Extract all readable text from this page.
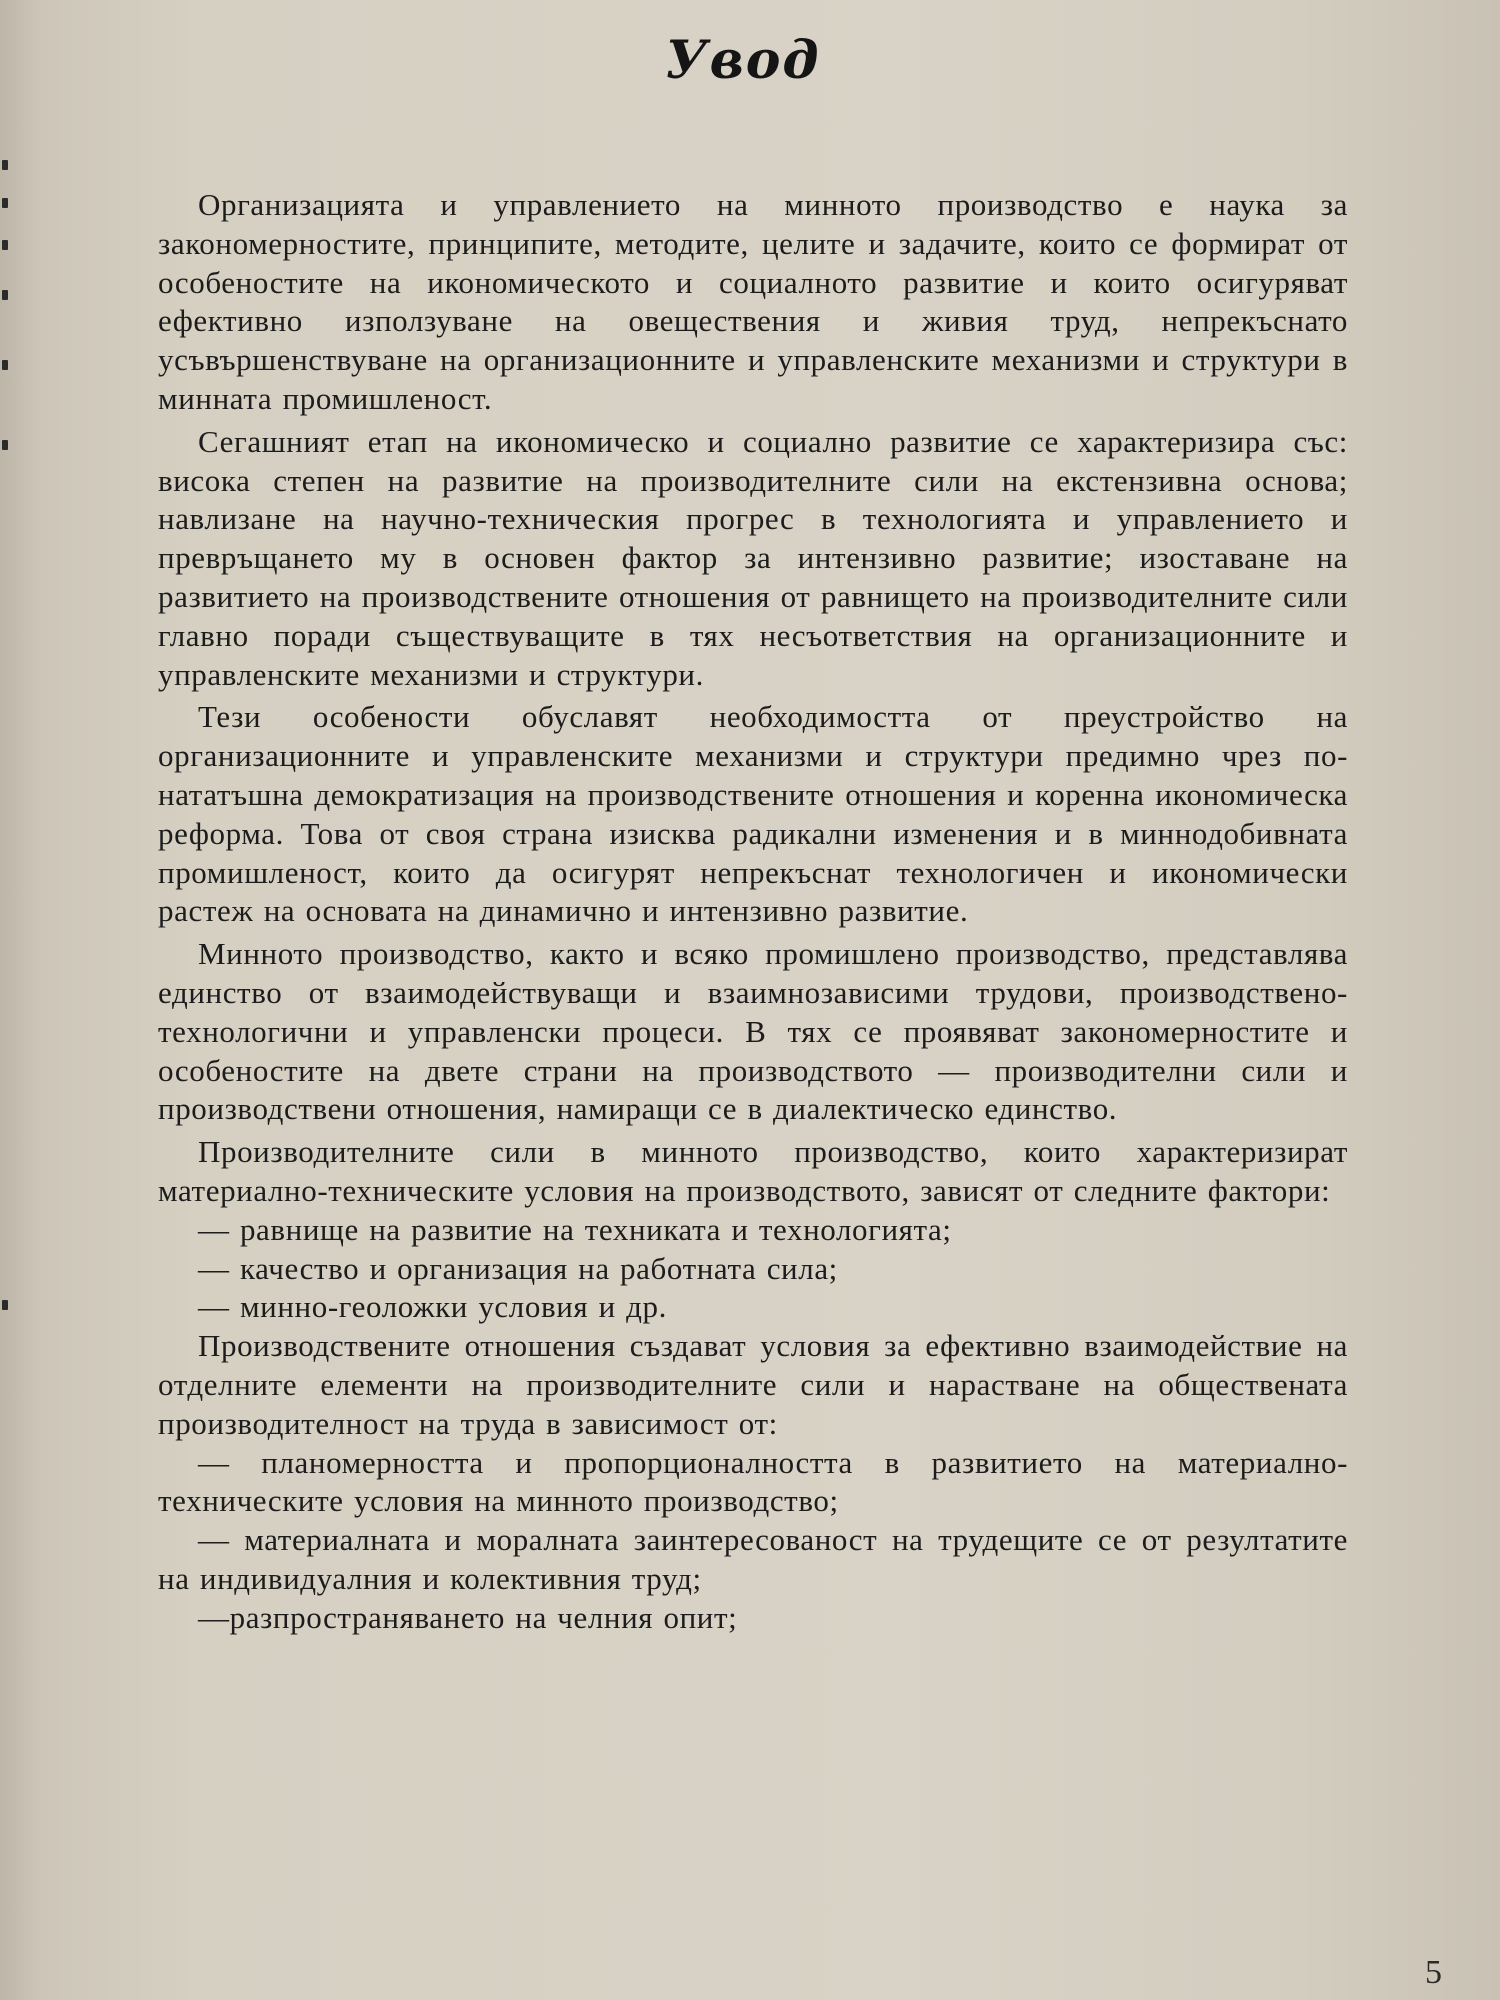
Увод

Организацията и управлението на минното производство е наука за закономерностите, принципите, методите, целите и задачите, които се формират от особеностите на икономическото и социалното развитие и които осигуряват ефективно използуване на овеществения и живия труд, непрекъснато усъвършенствуване на организационните и управленските механизми и структури в минната промишленост.

Сегашният етап на икономическо и социално развитие се характеризира със: висока степен на развитие на производителните сили на екстензивна основа; навлизане на научно-техническия прогрес в технологията и управлението и превръщането му в основен фактор за интензивно развитие; изоставане на развитието на производствените отношения от равнището на производителните сили главно поради съществуващите в тях несъответствия на организационните и управленските механизми и структури.

Тези особености обуславят необходимостта от преустройство на организационните и управленските механизми и структури предимно чрез по-нататъшна демократизация на производствените отношения и коренна икономическа реформа. Това от своя страна изисква радикални изменения и в миннодобивната промишленост, които да осигурят непрекъснат технологичен и икономически растеж на основата на динамично и интензивно развитие.

Минното производство, както и всяко промишлено производство, представлява единство от взаимодействуващи и взаимнозависими трудови, производствено-технологични и управленски процеси. В тях се проявяват закономерностите и особеностите на двете страни на производството — производителни сили и производствени отношения, намиращи се в диалектическо единство.

Производителните сили в минното производство, които характеризират материално-техническите условия на производството, зависят от следните фактори:

— равнище на развитие на техниката и технологията;

— качество и организация на работната сила;

— минно-геоложки условия и др.

Производствените отношения създават условия за ефективно взаимодействие на отделните елементи на производителните сили и нарастване на обществената производителност на труда в зависимост от:

— планомерността и пропорционалността в развитието на материално-техническите условия на минното производство;

— материалната и моралната заинтересованост на трудещите се от резултатите на индивидуалния и колективния труд;

—разпространяването на челния опит;

5
